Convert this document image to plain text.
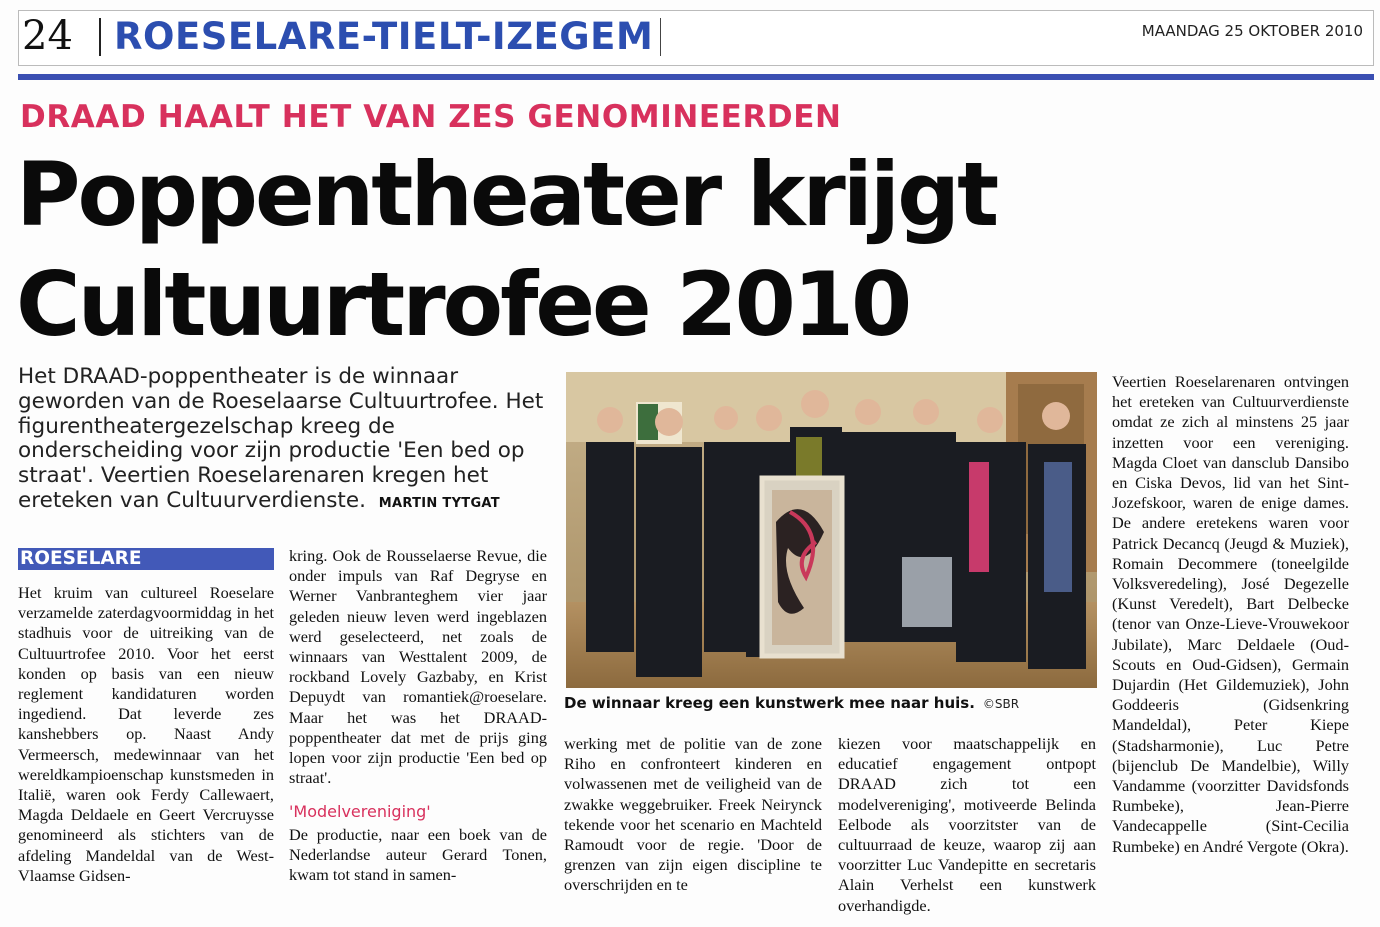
24 ROESELARE-TIELT-IZEGEM	MAANDAG 25 OKTOBER 2010
DRAAD HAALT HET VAN ZES GENOMINEERDEN
Poppentheater krijgt
Cultuurtrofee 2010

Het DRAAD-poppentheater is de winnaar geworden van de Roeselaarse Cultuurtrofee. Het figurentheatergezelschap kreeg de onderscheiding voor zijn productie 'Een bed op straat'. Veertien Roeselarenaren kregen het ereteken van Cultuurverdienste. MARTIN TYTGAT

ROESELARE

Het kruim van cultureel Roeselare verzamelde zaterdagvoormiddag in het stadhuis voor de uitreiking van de Cultuurtrofee 2010. Voor het eerst konden op basis van een nieuw reglement kandidaturen worden ingediend. Dat leverde zes kanshebbers op. Naast Andy Vermeersch, medewinnaar van het wereldkampioenschap kunstsmeden in Italië, waren ook Ferdy Callewaert, Magda Deldaele en Geert Vercruysse genomineerd als stichters van de afdeling Mandeldal van de West-Vlaamse Gidsen-

kring. Ook de Rousselaerse Revue, die onder impuls van Raf Degryse en Werner Vanbranteghem vier jaar geleden nieuw leven werd ingeblazen werd geselecteerd, net zoals de winnaars van Westtalent 2009, de rockband Lovely Gazbaby, en Krist Depuydt van romantiek@roeselare. Maar het was het DRAAD-poppentheater dat met de prijs ging lopen voor zijn productie 'Een bed op straat'.

'Modelvereniging'

De productie, naar een boek van de Nederlandse auteur Gerard Tonen, kwam tot stand in samen-

werking met de politie van de zone Riho en confronteert kinderen en volwassenen met de veiligheid van de zwakke weggebruiker. Freek Neirynck tekende voor het scenario en Machteld Ramoudt voor de regie. 'Door de grenzen van zijn eigen discipline te overschrijden en te

kiezen voor maatschappelijk en educatief engagement ontpopt DRAAD zich tot een modelvereniging', motiveerde Belinda Eelbode als voorzitster van de cultuurraad de keuze, waarop zij aan voorzitter Luc Vandepitte en secretaris Alain Verhelst een kunstwerk overhandigde.

Veertien Roeselarenaren ontvingen het ereteken van Cultuurverdienste omdat ze zich al minstens 25 jaar inzetten voor een vereniging. Magda Cloet van dansclub Dansibo en Ciska Devos, lid van het Sint-Jozefskoor, waren de enige dames. De andere eretekens waren voor Patrick Decancq (Jeugd & Muziek), Romain Decommere (toneelgilde Volksveredeling), José Degezelle (Kunst Veredelt), Bart Delbecke (tenor van Onze-Lieve-Vrouwekoor Jubilate), Marc Deldaele (Oud-Scouts en Oud-Gidsen), Germain Dujardin (Het Gildemuziek), John Goddeeris (Gidsenkring Mandeldal), Peter Kiepe (Stadsharmonie), Luc Petre (bijenclub De Mandelbie), Willy Vandamme (voorzitter Davidsfonds Rumbeke), Jean-Pierre Vandecappelle (Sint-Cecilia Rumbeke) en André Vergote (Okra).

De winnaar kreeg een kunstwerk mee naar huis. ©SBR
